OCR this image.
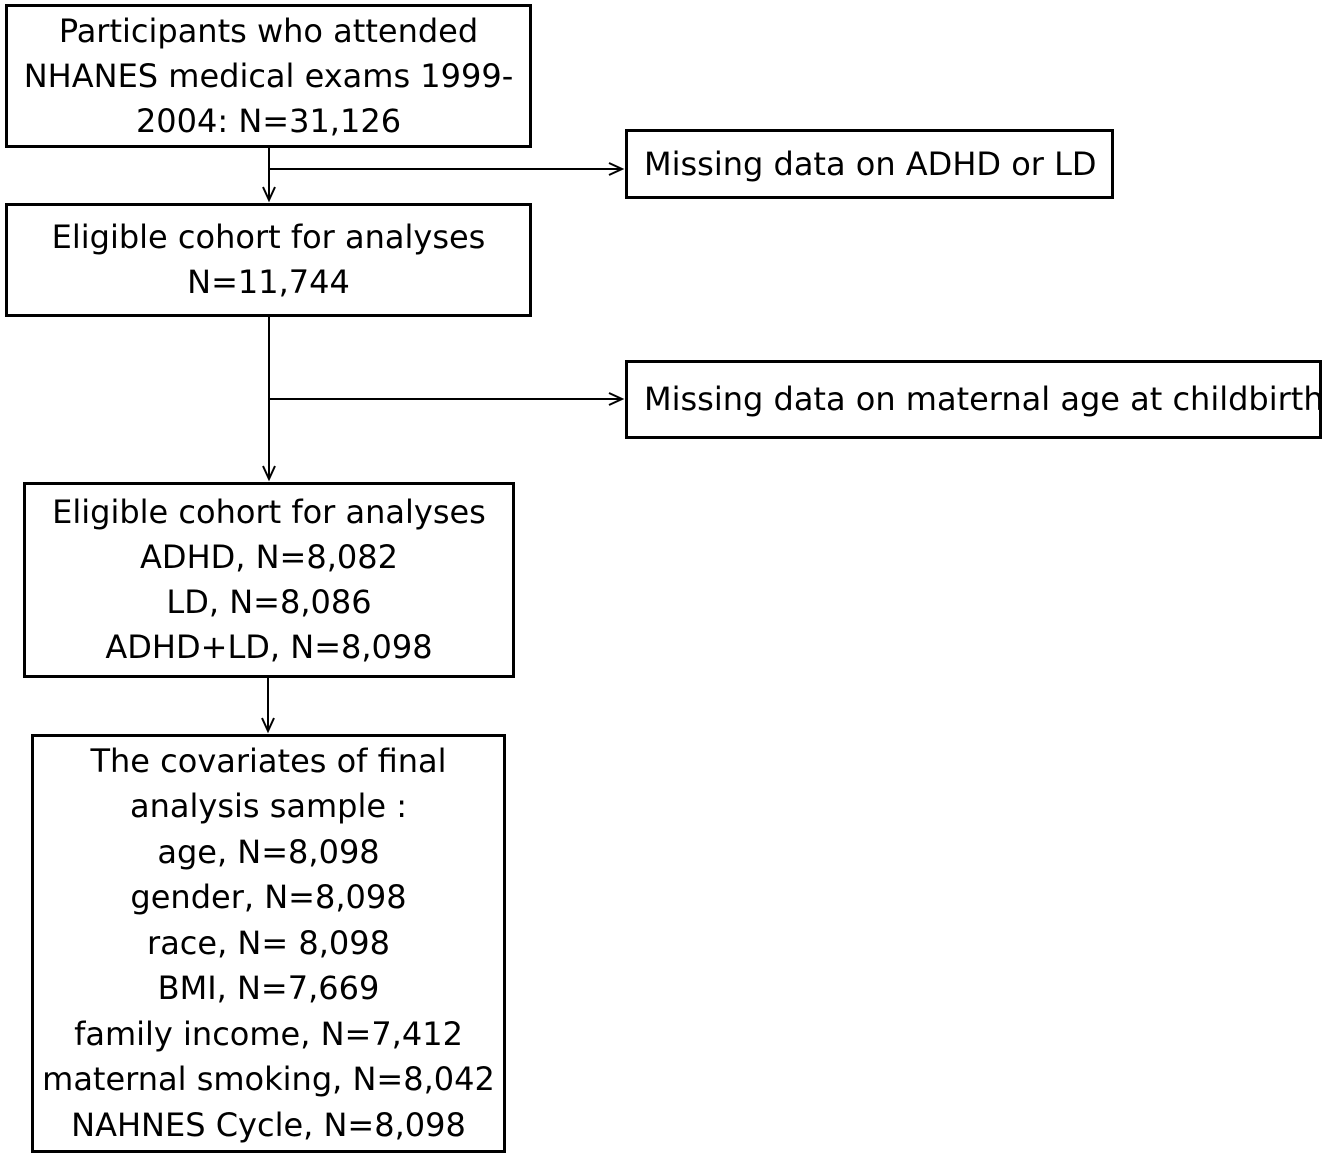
Participants who attended
NHANES medical exams 1999-
2004: N=31,126
Missing data on ADHD or LD
Eligible cohort for analyses
N=11,744
Missing data on maternal age at childbirth
Eligible cohort for analyses
ADHD, N=8,082
LD, N=8,086
ADHD+LD, N=8,098
The covariates of final
analysis sample :
age, N=8,098
gender, N=8,098
race, N= 8,098
BMI, N=7,669
family income, N=7,412
maternal smoking, N=8,042
NAHNES Cycle, N=8,098
